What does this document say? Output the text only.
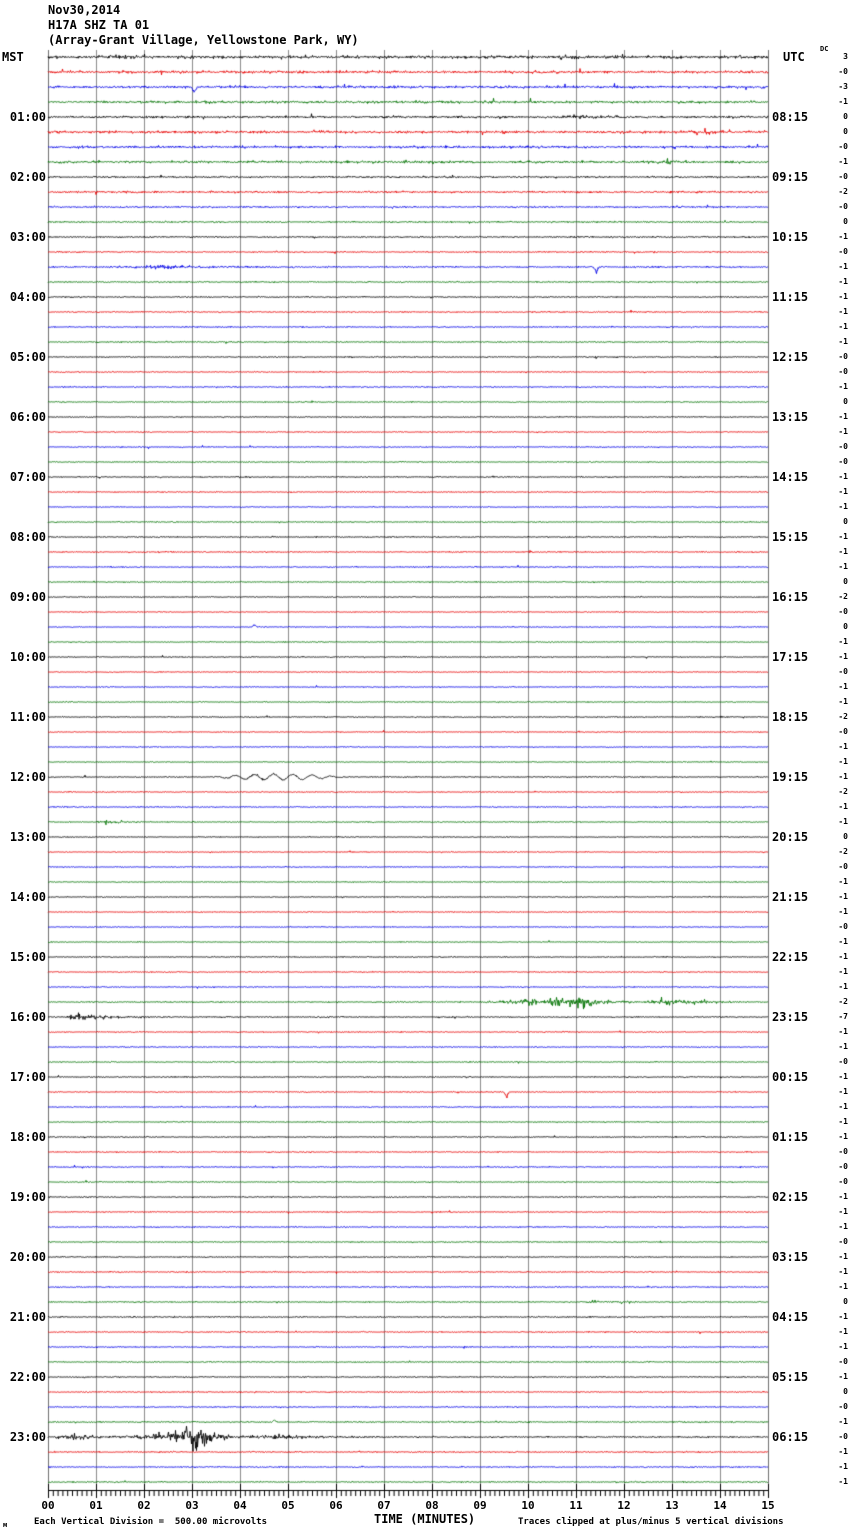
Nov30,2014
H17A SHZ TA 01
(Array-Grant Village, Yellowstone Park, WY)
MST	UTC
DC
01:00	08:15
02:00	09:15
03:00	10:15
04:00	11:15
05:00	12:15
06:00	13:15
07:00	14:15
08:00	15:15
09:00	16:15
10:00	17:15
11:00	18:15
12:00	19:15
13:00	20:15
14:00	21:15
15:00	22:15
16:00	23:15
17:00	00:15
18:00	01:15
19:00	02:15
20:00	03:15
21:00	04:15
22:00	05:15
23:00	06:15
3
-0
-3
-1
0
0
-0
-1
-0
-2
-0
0
-1
-0
-1
-1
-1
-1
-1
-1
-0
-0
-1
0
-1
-1
-0
-0
-1
-1
-1
0
-1
-1
-1
0
-2
-0
0
-1
-1
-0
-1
-1
-2
-0
-1
-1
-1
-2
-1
-1
0
-2
-0
-1
-1
-1
-0
-1
-1
-1
-1
-2
-7
-1
-1
-0
-1
-1
-1
-1
-1
-0
-0
-0
-1
-1
-1
-0
-1
-1
-1
0
-1
-1
-1
-0
-1
0
-0
-1
-0
-1
-1
-1
00	01	02	03	04	05	06	07	08	09	10	11	12	13	14	15
м	Each Vertical Division =  500.00 microvolts	TIME (MINUTES)	Traces clipped at plus/minus 5 vertical divisions
